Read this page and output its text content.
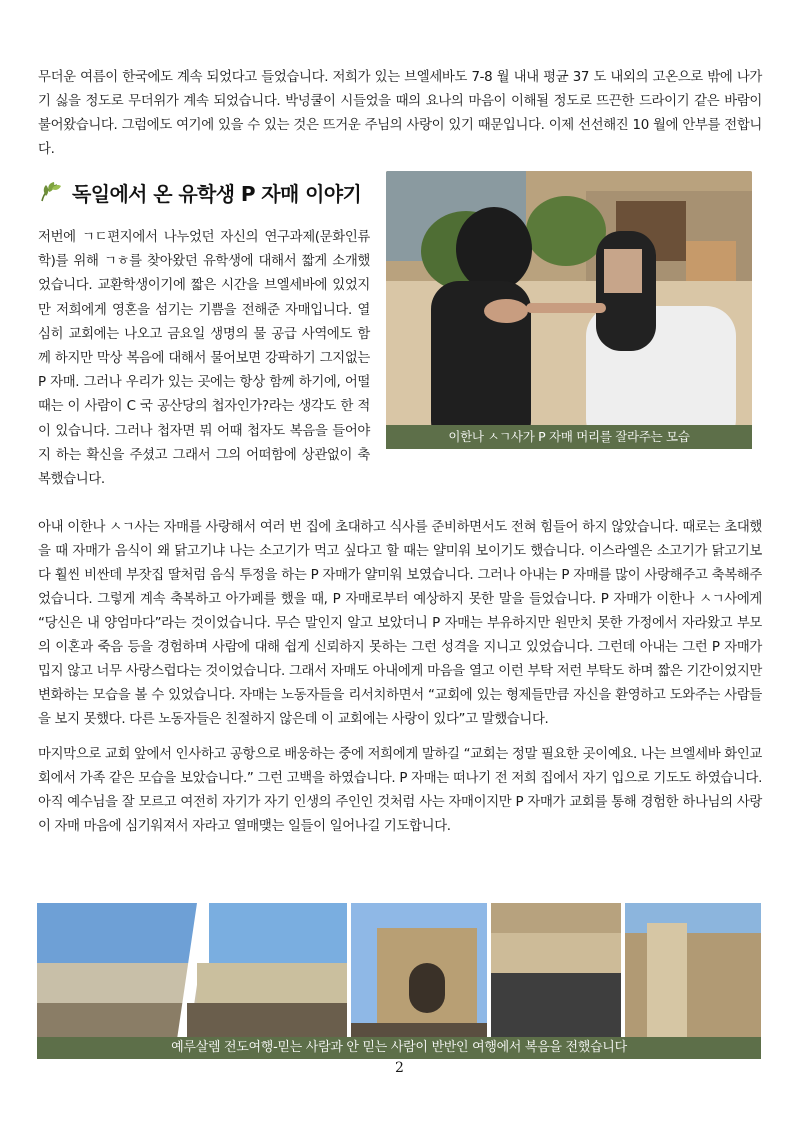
무더운 여름이 한국에도 계속 되었다고 들었습니다. 저희가 있는 브엘세바도 7-8 월 내내 평균 37 도 내외의 고온으로 밖에 나가기 싫을 정도로 무더위가 계속 되었습니다. 박넝쿨이 시들었을 때의 요나의 마음이 이해될 정도로 뜨끈한 드라이기 같은 바람이 불어왔습니다. 그럼에도 여기에 있을 수 있는 것은 뜨거운 주님의 사랑이 있기 때문입니다. 이제 선선해진 10 월에 안부를 전합니다.

독일에서 온 유학생 P 자매 이야기

저번에 ㄱㄷ편지에서 나누었던 자신의 연구과제(문화인류학)를 위해 ㄱㅎ를 찾아왔던 유학생에 대해서 짧게 소개했었습니다. 교환학생이기에 짧은 시간을 브엘세바에 있었지만 저희에게 영혼을 섬기는 기쁨을 전해준 자매입니다. 열심히 교회에는 나오고 금요일 생명의 물 공급 사역에도 함께 하지만 막상 복음에 대해서 물어보면 강팍하기 그지없는 P 자매. 그러나 우리가 있는 곳에는 항상 함께 하기에, 어떨 때는 이 사람이 C 국 공산당의 첩자인가?라는 생각도 한 적이 있습니다. 그러나 첩자면 뭐 어때 첩자도 복음을 들어야지 하는 확신을 주셨고 그래서 그의 어떠함에 상관없이 축복했습니다.

이한나 ㅅㄱ사가 P 자매 머리를 잘라주는 모습

아내 이한나 ㅅㄱ사는 자매를 사랑해서 여러 번 집에 초대하고 식사를 준비하면서도 전혀 힘들어 하지 않았습니다. 때로는 초대했을 때 자매가 음식이 왜 닭고기냐 나는 소고기가 먹고 싶다고 할 때는 얄미워 보이기도 했습니다. 이스라엘은 소고기가 닭고기보다 훨씬 비싼데 부잣집 딸처럼 음식 투정을 하는 P 자매가 얄미워 보였습니다. 그러나 아내는 P 자매를 많이 사랑해주고 축복해주었습니다. 그렇게 계속 축복하고 아가페를 했을 때, P 자매로부터 예상하지 못한 말을 들었습니다. P 자매가 이한나 ㅅㄱ사에게 “당신은 내 양엄마다”라는 것이었습니다. 무슨 말인지 알고 보았더니 P 자매는 부유하지만 원만치 못한 가정에서 자라왔고 부모의 이혼과 죽음 등을 경험하며 사람에 대해 쉽게 신뢰하지 못하는 그런 성격을 지니고 있었습니다. 그런데 아내는 그런 P 자매가 밉지 않고 너무 사랑스럽다는 것이었습니다. 그래서 자매도 아내에게 마음을 열고 이런 부탁 저런 부탁도 하며 짧은 기간이었지만 변화하는 모습을 볼 수 있었습니다. 자매는 노동자들을 리서치하면서 “교회에 있는 형제들만큼 자신을 환영하고 도와주는 사람들을 보지 못했다. 다른 노동자들은 친절하지 않은데 이 교회에는 사랑이 있다”고 말했습니다.

마지막으로 교회 앞에서 인사하고 공항으로 배웅하는 중에 저희에게 말하길 “교회는 정말 필요한 곳이예요. 나는 브엘세바 화인교회에서 가족 같은 모습을 보았습니다.” 그런 고백을 하였습니다. P 자매는 떠나기 전 저희 집에서 자기 입으로 기도도 하였습니다. 아직 예수님을 잘 모르고 여전히 자기가 자기 인생의 주인인 것처럼 사는 자매이지만 P 자매가 교회를 통해 경험한 하나님의 사랑이 자매 마음에 심기워져서 자라고 열매맺는 일들이 일어나길 기도합니다.

예루살렘 전도여행-믿는 사람과 안 믿는 사람이 반반인 여행에서 복음을 전했습니다
2
